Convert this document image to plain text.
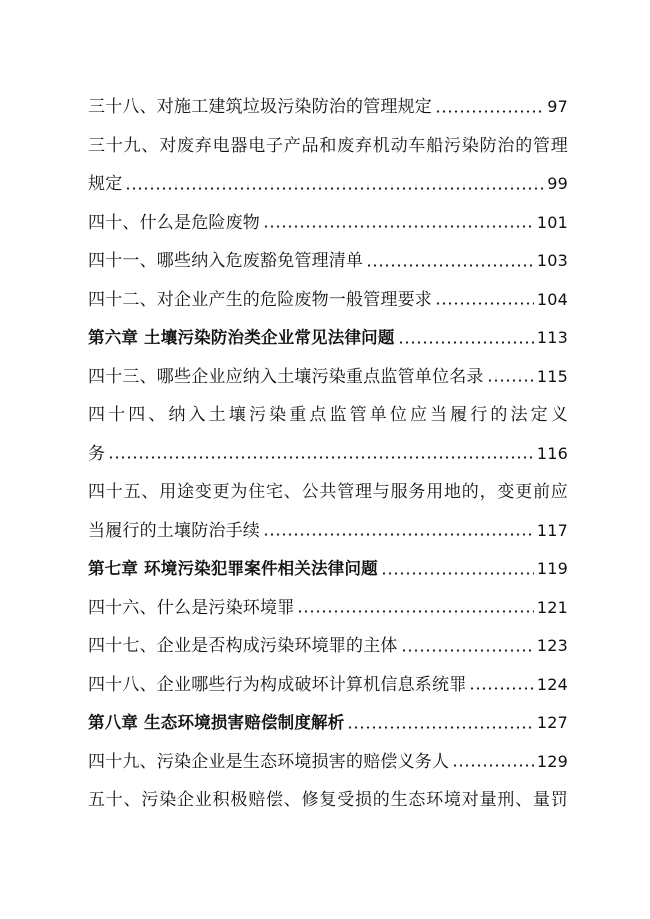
三十八、对施工建筑垃圾污染防治的管理规定	97
三十九、对废弃电器电子产品和废弃机动车船污染防治的管理
规定	99
四十、什么是危险废物	101
四十一、哪些纳入危废豁免管理清单	103
四十二、对企业产生的危险废物一般管理要求	104
第六章 土壤污染防治类企业常见法律问题	113
四十三、哪些企业应纳入土壤污染重点监管单位名录	115
四十四、纳入土壤污染重点监管单位应当履行的法定义
务	116
四十五、用途变更为住宅、公共管理与服务用地的，变更前应
当履行的土壤防治手续	117
第七章 环境污染犯罪案件相关法律问题	119
四十六、什么是污染环境罪	121
四十七、企业是否构成污染环境罪的主体	123
四十八、企业哪些行为构成破坏计算机信息系统罪	124
第八章 生态环境损害赔偿制度解析	127
四十九、污染企业是生态环境损害的赔偿义务人	129
五十、污染企业积极赔偿、修复受损的生态环境对量刑、量罚
